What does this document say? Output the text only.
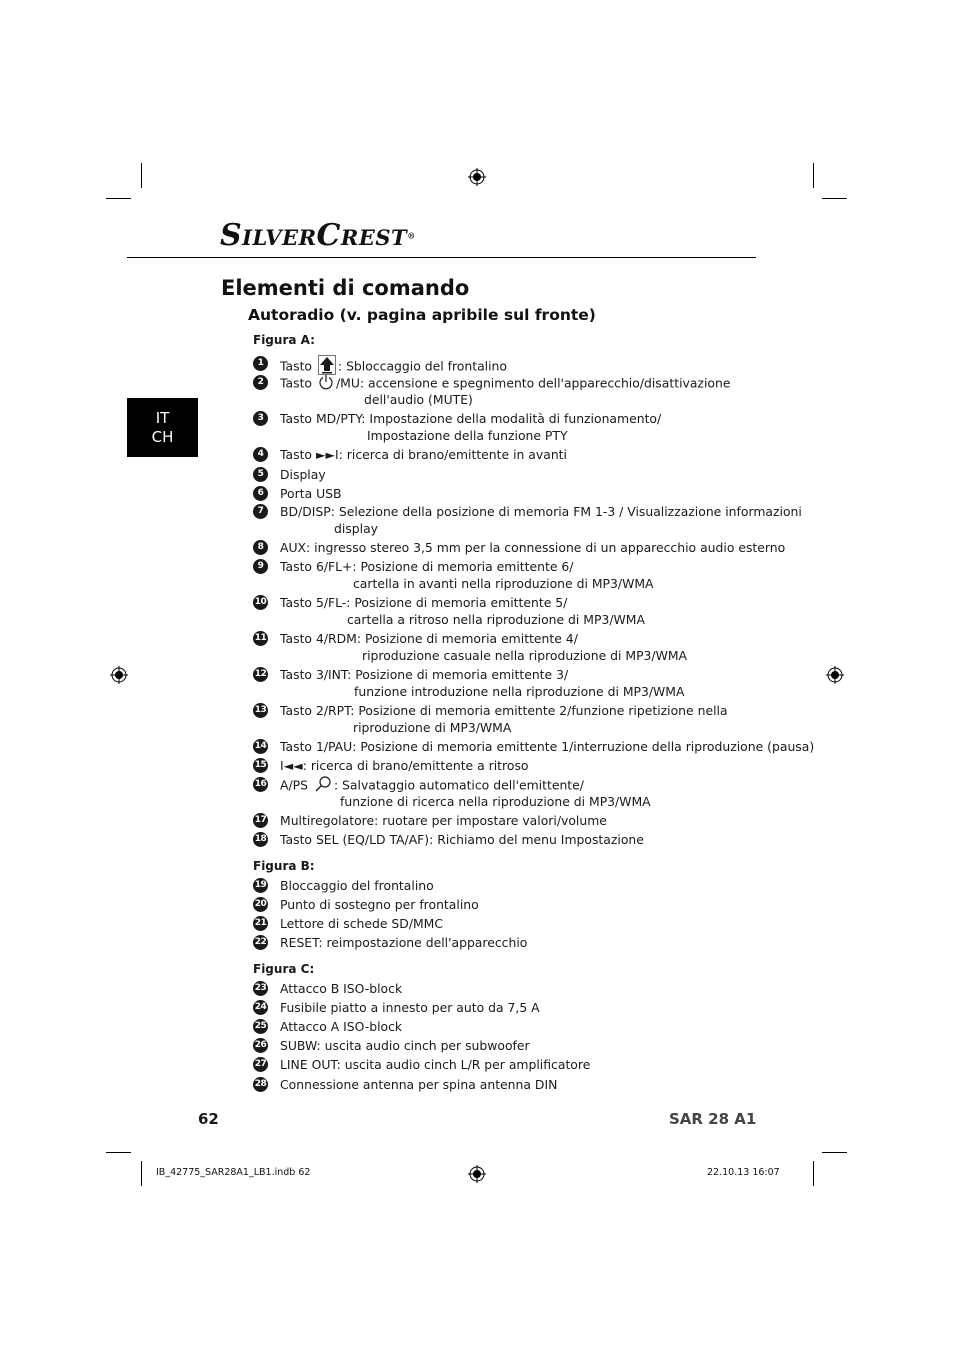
SILVERCREST®
Elementi di comando
Autoradio (v. pagina apribile sul fronte)
IT
CH
Figura A:
1	Tasto : Sbloccaggio del frontalino
2	Tasto /MU: accensione e spegnimento dell'apparecchio/disattivazione
dell'audio (MUTE)
3	Tasto MD/PTY: Impostazione della modalità di funzionamento/
Impostazione della funzione PTY
4	Tasto ►►I: ricerca di brano/emittente in avanti
5	Display
6	Porta USB
7	BD/DISP: Selezione della posizione di memoria FM 1-3 / Visualizzazione informazioni
display
8	AUX: ingresso stereo 3,5 mm per la connessione di un apparecchio audio esterno
9	Tasto 6/FL+: Posizione di memoria emittente 6/
cartella in avanti nella riproduzione di MP3/WMA
10 Tasto 5/FL-: Posizione di memoria emittente 5/
cartella a ritroso nella riproduzione di MP3/WMA
11 Tasto 4/RDM: Posizione di memoria emittente 4/
riproduzione casuale nella riproduzione di MP3/WMA
12 Tasto 3/INT: Posizione di memoria emittente 3/
funzione introduzione nella riproduzione di MP3/WMA
13 Tasto 2/RPT: Posizione di memoria emittente 2/funzione ripetizione nella
riproduzione di MP3/WMA
14 Tasto 1/PAU: Posizione di memoria emittente 1/interruzione della riproduzione (pausa)
15 I◄◄: ricerca di brano/emittente a ritroso
16 A/PS : Salvataggio automatico dell'emittente/
funzione di ricerca nella riproduzione di MP3/WMA
17 Multiregolatore: ruotare per impostare valori/volume
18 Tasto SEL (EQ/LD TA/AF): Richiamo del menu Impostazione
Figura B:
19 Bloccaggio del frontalino
20 Punto di sostegno per frontalino
21 Lettore di schede SD/MMC
22 RESET: reimpostazione dell'apparecchio
Figura C:
23 Attacco B ISO-block
24 Fusibile piatto a innesto per auto da 7,5 A
25 Attacco A ISO-block
26 SUBW: uscita audio cinch per subwoofer
27 LINE OUT: uscita audio cinch L/R per amplificatore
28 Connessione antenna per spina antenna DIN
62	SAR 28 A1
IB_42775_SAR28A1_LB1.indb 62	22.10.13 16:07
